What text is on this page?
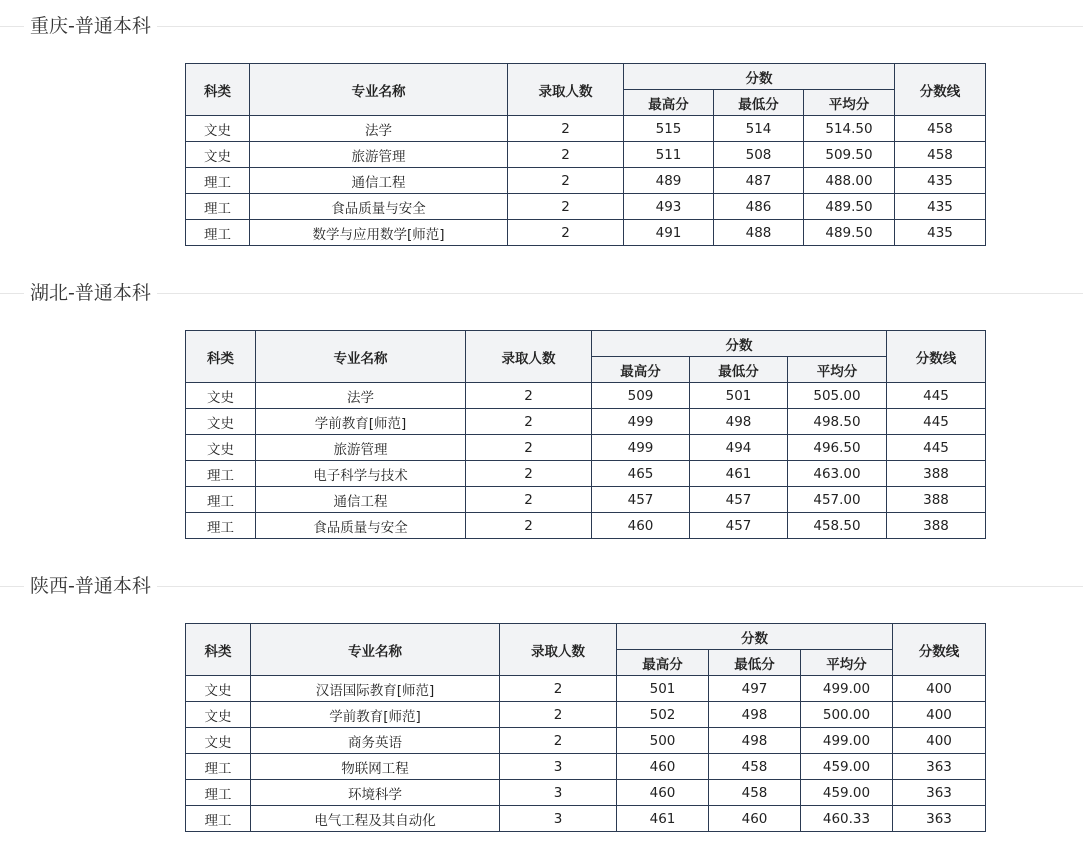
重庆-普通本科
科类	专业名称	录取人数	分数			分数线
			最高分	最低分	平均分	
文史	法学	2	515	514	514.50	458
文史	旅游管理	2	511	508	509.50	458
理工	通信工程	2	489	487	488.00	435
理工	食品质量与安全	2	493	486	489.50	435
理工	数学与应用数学[师范]	2	491	488	489.50	435
湖北-普通本科
科类	专业名称	录取人数	分数			分数线
			最高分	最低分	平均分	
文史	法学	2	509	501	505.00	445
文史	学前教育[师范]	2	499	498	498.50	445
文史	旅游管理	2	499	494	496.50	445
理工	电子科学与技术	2	465	461	463.00	388
理工	通信工程	2	457	457	457.00	388
理工	食品质量与安全	2	460	457	458.50	388
陕西-普通本科
科类	专业名称	录取人数	分数			分数线
			最高分	最低分	平均分	
文史	汉语国际教育[师范]	2	501	497	499.00	400
文史	学前教育[师范]	2	502	498	500.00	400
文史	商务英语	2	500	498	499.00	400
理工	物联网工程	3	460	458	459.00	363
理工	环境科学	3	460	458	459.00	363
理工	电气工程及其自动化	3	461	460	460.33	363
